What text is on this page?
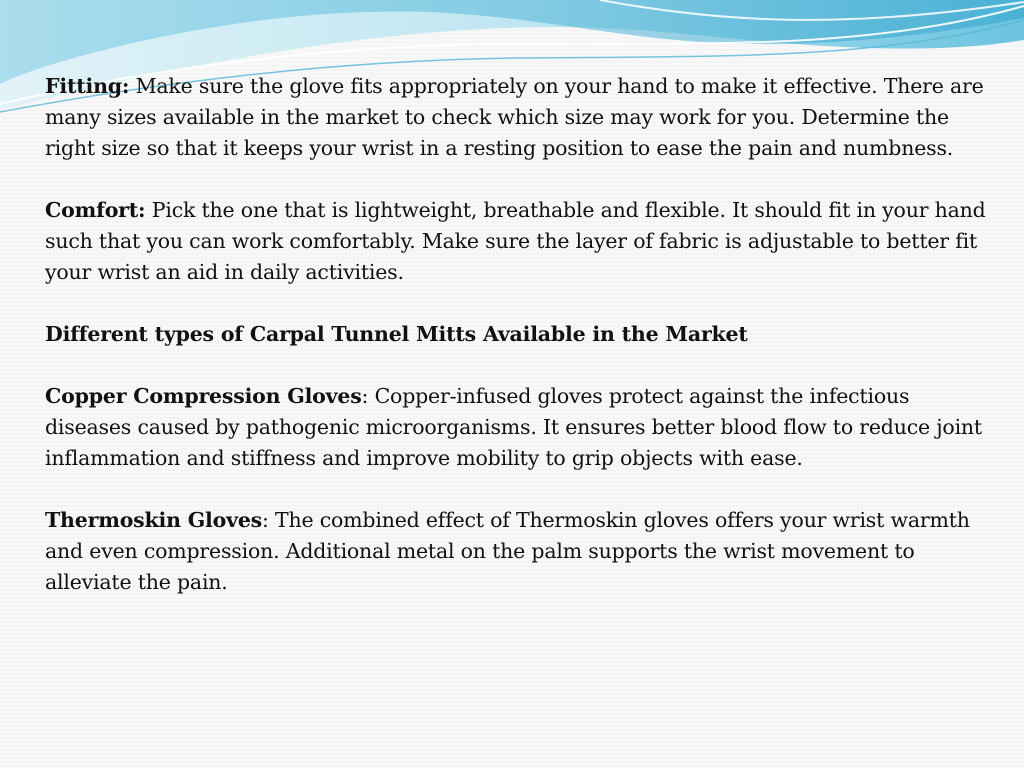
Fitting: Make sure the glove fits appropriately on your hand to make it effective. There are many sizes available in the market to check which size may work for you. Determine the right size so that it keeps your wrist in a resting position to ease the pain and numbness.

Comfort: Pick the one that is lightweight, breathable and flexible. It should fit in your hand such that you can work comfortably. Make sure the layer of fabric is adjustable to better fit your wrist an aid in daily activities.

Different types of Carpal Tunnel Mitts Available in the Market

Copper Compression Gloves: Copper-infused gloves protect against the infectious diseases caused by pathogenic microorganisms. It ensures better blood flow to reduce joint inflammation and stiffness and improve mobility to grip objects with ease.

Thermoskin Gloves: The combined effect of Thermoskin gloves offers your wrist warmth and even compression. Additional metal on the palm supports the wrist movement to alleviate the pain.
